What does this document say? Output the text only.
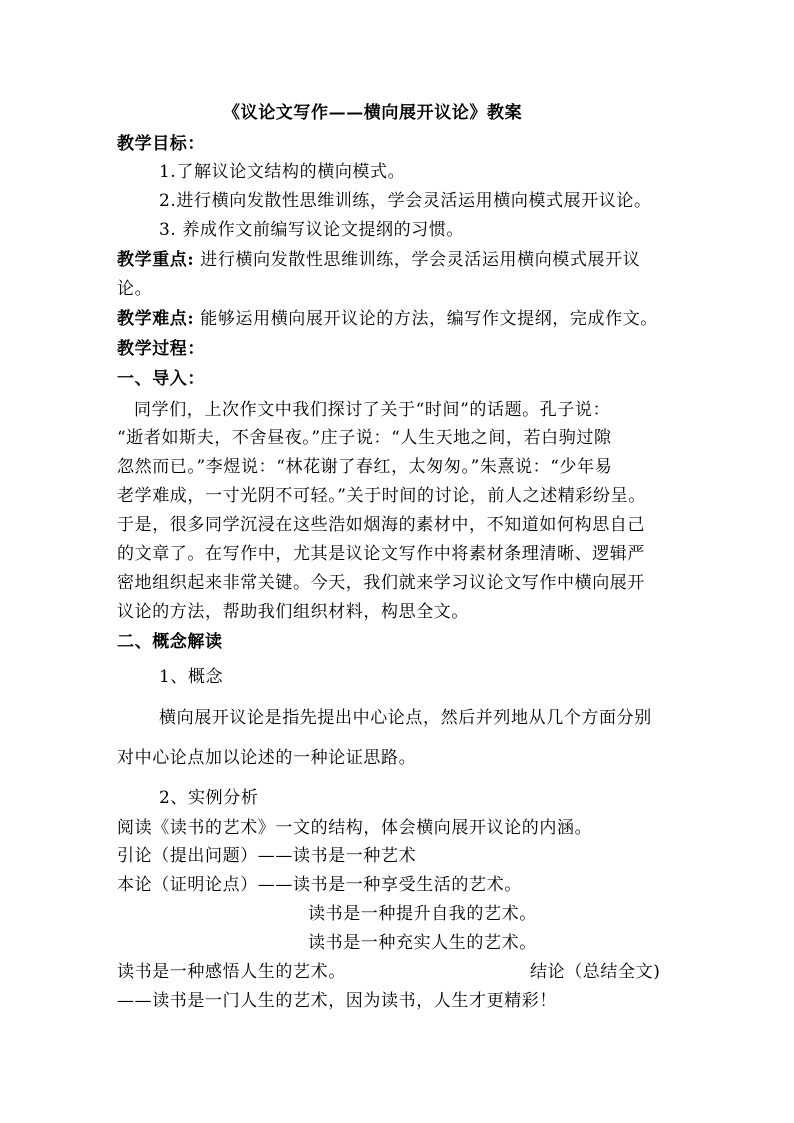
《议论文写作——横向展开议论》教案
教学目标：
1.了解议论文结构的横向模式。
2.进行横向发散性思维训练，学会灵活运用横向模式展开议论。
3. 养成作文前编写议论文提纲的习惯。
教学重点: 进行横向发散性思维训练，学会灵活运用横向模式展开议
论。
教学难点: 能够运用横向展开议论的方法，编写作文提纲，完成作文。
教学过程：
一、导入：
同学们，上次作文中我们探讨了关于“时间”的话题。孔子说：
“逝者如斯夫，不舍昼夜。”庄子说：“人生天地之间，若白驹过隙
忽然而已。”李煜说：“林花谢了春红，太匆匆。”朱熹说：“少年易
老学难成，一寸光阴不可轻。”关于时间的讨论，前人之述精彩纷呈。
于是，很多同学沉浸在这些浩如烟海的素材中，不知道如何构思自己
的文章了。在写作中，尤其是议论文写作中将素材条理清晰、逻辑严
密地组织起来非常关键。今天，我们就来学习议论文写作中横向展开
议论的方法，帮助我们组织材料，构思全文。
二、概念解读
1、概念
横向展开议论是指先提出中心论点，然后并列地从几个方面分别
对中心论点加以论述的一种论证思路。
2、实例分析
阅读《读书的艺术》一文的结构，体会横向展开议论的内涵。
引论（提出问题）——读书是一种艺术
本论（证明论点）——读书是一种享受生活的艺术。
读书是一种提升自我的艺术。
读书是一种充实人生的艺术。
读书是一种感悟人生的艺术。	结论（总结全文)
——读书是一门人生的艺术，因为读书，人生才更精彩！
